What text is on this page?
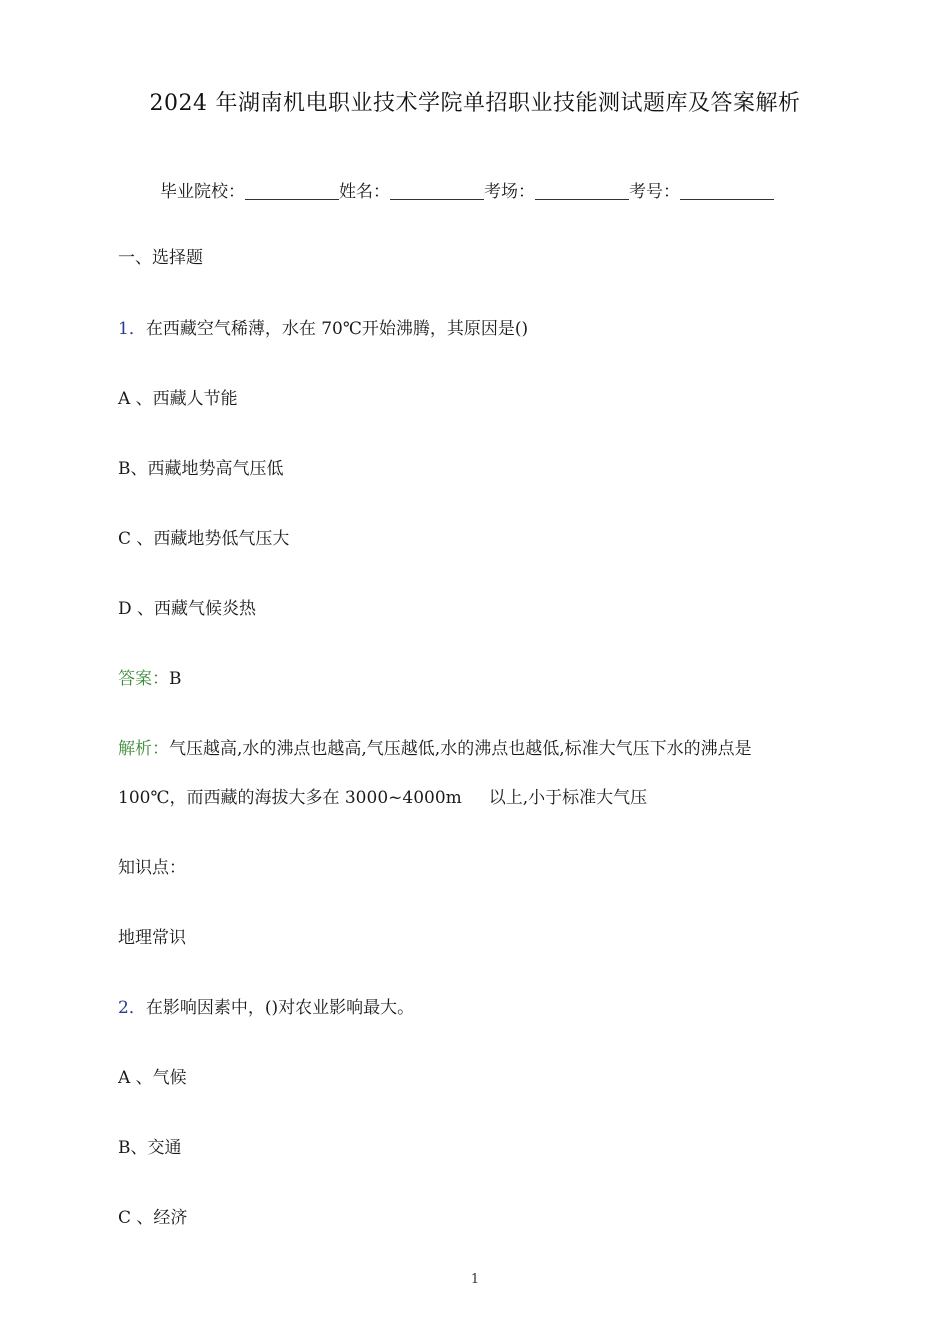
2024 年湖南机电职业技术学院单招职业技能测试题库及答案解析
毕业院校：	姓名：	考场：	考号：
一、选择题
1．在西藏空气稀薄，水在 70℃开始沸腾，其原因是()
A 、西藏人节能
B、西藏地势高气压低
C 、西藏地势低气压大
D 、西藏气候炎热
答案：B
解析：气压越高,水的沸点也越高,气压越低,水的沸点也越低,标准大气压下水的沸点是
100℃，而西藏的海拔大多在 3000~4000m     以上,小于标准大气压
知识点：
地理常识
2．在影响因素中，()对农业影响最大。
A 、气候
B、交通
C 、经济
1
